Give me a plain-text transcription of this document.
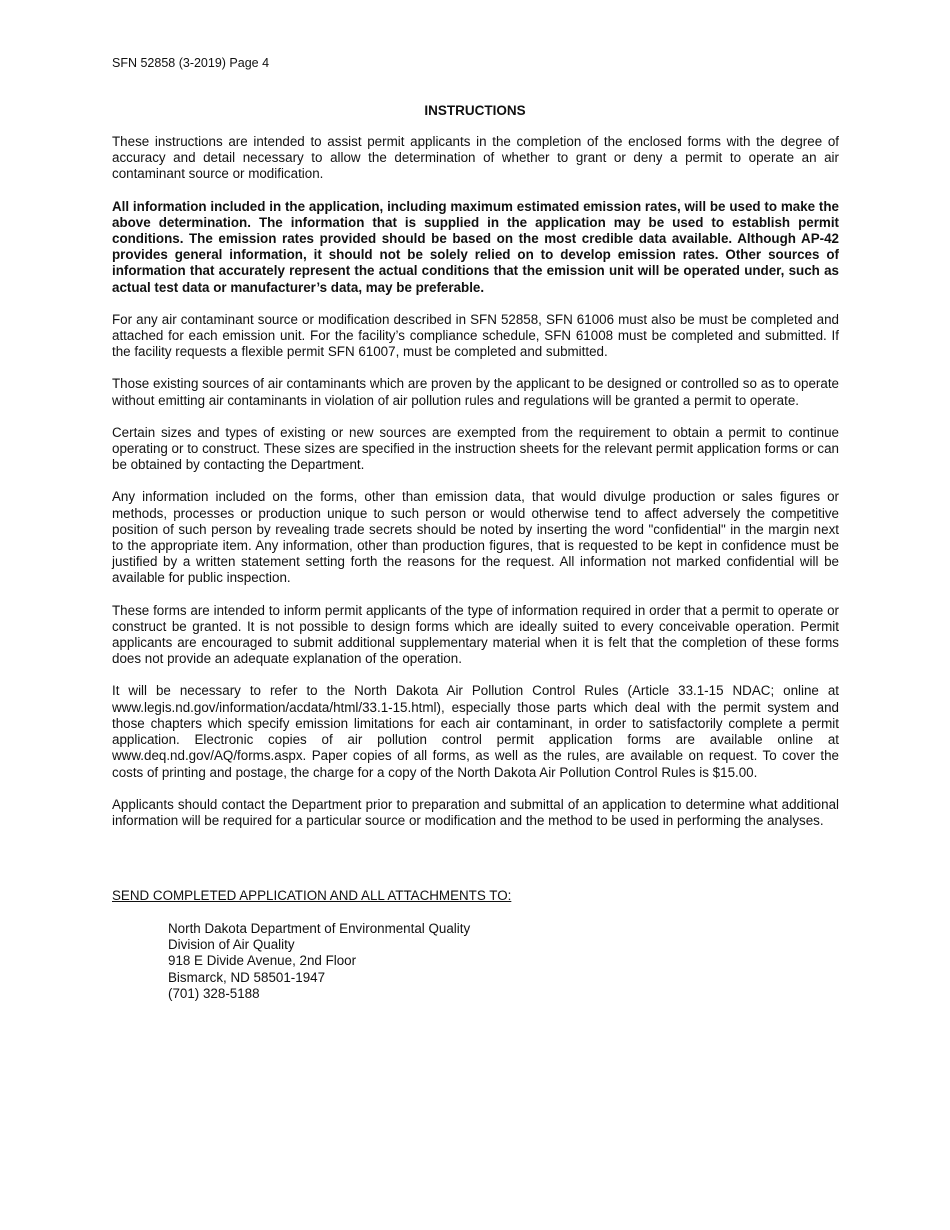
SFN 52858 (3-2019) Page 4
INSTRUCTIONS

These instructions are intended to assist permit applicants in the completion of the enclosed forms with the degree of accuracy and detail necessary to allow the determination of whether to grant or deny a permit to operate an air contaminant source or modification.

All information included in the application, including maximum estimated emission rates, will be used to make the above determination. The information that is supplied in the application may be used to establish permit conditions. The emission rates provided should be based on the most credible data available. Although AP-42 provides general information, it should not be solely relied on to develop emission rates. Other sources of information that accurately represent the actual conditions that the emission unit will be operated under, such as actual test data or manufacturer’s data, may be preferable.

For any air contaminant source or modification described in SFN 52858, SFN 61006 must also be must be completed and attached for each emission unit. For the facility’s compliance schedule, SFN 61008 must be completed and submitted. If the facility requests a flexible permit SFN 61007, must be completed and submitted.

Those existing sources of air contaminants which are proven by the applicant to be designed or controlled so as to operate without emitting air contaminants in violation of air pollution rules and regulations will be granted a permit to operate.

Certain sizes and types of existing or new sources are exempted from the requirement to obtain a permit to continue operating or to construct. These sizes are specified in the instruction sheets for the relevant permit application forms or can be obtained by contacting the Department.

Any information included on the forms, other than emission data, that would divulge production or sales figures or methods, processes or production unique to such person or would otherwise tend to affect adversely the competitive position of such person by revealing trade secrets should be noted by inserting the word "confidential" in the margin next to the appropriate item. Any information, other than production figures, that is requested to be kept in confidence must be justified by a written statement setting forth the reasons for the request. All information not marked confidential will be available for public inspection.

These forms are intended to inform permit applicants of the type of information required in order that a permit to operate or construct be granted. It is not possible to design forms which are ideally suited to every conceivable operation. Permit applicants are encouraged to submit additional supplementary material when it is felt that the completion of these forms does not provide an adequate explanation of the operation.

It will be necessary to refer to the North Dakota Air Pollution Control Rules (Article 33.1-15 NDAC; online at www.legis.nd.gov/information/acdata/html/33.1-15.html), especially those parts which deal with the permit system and those chapters which specify emission limitations for each air contaminant, in order to satisfactorily complete a permit application. Electronic copies of air pollution control permit application forms are available online at www.deq.nd.gov/AQ/forms.aspx. Paper copies of all forms, as well as the rules, are available on request. To cover the costs of printing and postage, the charge for a copy of the North Dakota Air Pollution Control Rules is $15.00.

Applicants should contact the Department prior to preparation and submittal of an application to determine what additional information will be required for a particular source or modification and the method to be used in performing the analyses.

SEND COMPLETED APPLICATION AND ALL ATTACHMENTS TO:
North Dakota Department of Environmental Quality
Division of Air Quality
918 E Divide Avenue, 2nd Floor
Bismarck, ND 58501-1947
(701) 328-5188
